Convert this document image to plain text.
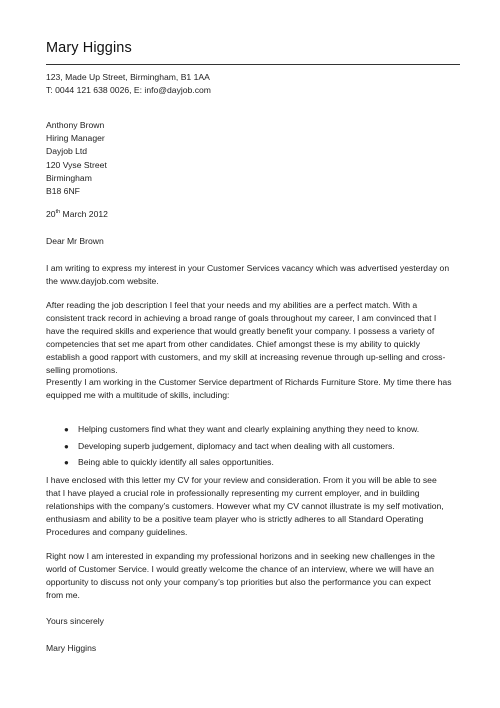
Mary Higgins
123, Made Up Street, Birmingham, B1 1AA
T: 0044 121 638 0026, E: info@dayjob.com
Anthony Brown
Hiring Manager
Dayjob Ltd
120 Vyse Street
Birmingham
B18 6NF
20th March 2012
Dear Mr Brown
I am writing to express my interest in your Customer Services vacancy which was advertised yesterday on
the www.dayjob.com website.
After reading the job description I feel that your needs and my abilities are a perfect match. With a
consistent track record in achieving a broad range of goals throughout my career, I am convinced that I
have the required skills and experience that would greatly benefit your company. I possess a variety of
competencies that set me apart from other candidates. Chief amongst these is my ability to quickly
establish a good rapport with customers, and my skill at increasing revenue through up-selling and cross-
selling promotions.
Presently I am working in the Customer Service department of Richards Furniture Store. My time there has
equipped me with a multitude of skills, including:
● Helping customers find what they want and clearly explaining anything they need to know.
● Developing superb judgement, diplomacy and tact when dealing with all customers.
● Being able to quickly identify all sales opportunities.
I have enclosed with this letter my CV for your review and consideration. From it you will be able to see
that I have played a crucial role in professionally representing my current employer, and in building
relationships with the company’s customers. However what my CV cannot illustrate is my self motivation,
enthusiasm and ability to be a positive team player who is strictly adheres to all Standard Operating
Procedures and company guidelines.
Right now I am interested in expanding my professional horizons and in seeking new challenges in the
world of Customer Service. I would greatly welcome the chance of an interview, where we will have an
opportunity to discuss not only your company’s top priorities but also the performance you can expect
from me.
Yours sincerely
Mary Higgins
